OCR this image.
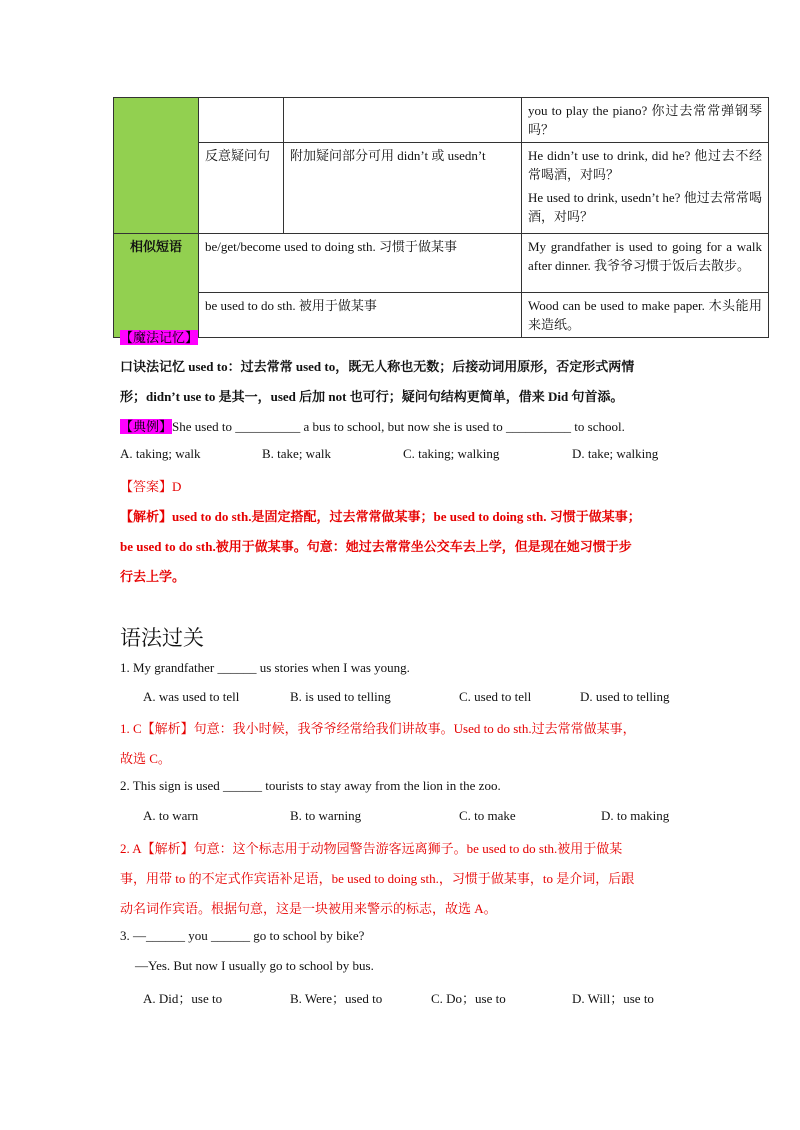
			you to play the piano? 你过去常常弹钢琴吗？
	反意疑问句	附加疑问部分可用 didn’t 或 usedn’t	He didn’t use to drink, did he? 他过去不经常喝酒，对吗？
He used to drink, usedn’t he? 他过去常常喝酒，对吗？

相似短语	be/get/become used to doing sth. 习惯于做某事		My grandfather is used to going for a walk after dinner. 我爷爷习惯于饭后去散步。
	be used to do sth. 被用于做某事		Wood can be used to make paper. 木头能用来造纸。
【魔法记忆】
口诀法记忆 used to：过去常常 used to，既无人称也无数；后接动词用原形，否定形式两情
形；didn’t use to 是其一，used 后加 not 也可行；疑问句结构更简单，借来 Did 句首添。
【典例】She used to __________ a bus to school, but now she is used to __________ to school.
A. taking; walk	B. take; walk	C. taking; walking	D. take; walking
【答案】D
【解析】used to do sth.是固定搭配，过去常常做某事；be used to doing sth. 习惯于做某事；
be used to do sth.被用于做某事。句意：她过去常常坐公交车去上学，但是现在她习惯于步
行去上学。
语法过关
1. My grandfather ______ us stories when I was young.
A. was used to tell	B. is used to telling	C. used to tell	D. used to telling
1. C【解析】句意：我小时候，我爷爷经常给我们讲故事。Used to do sth.过去常常做某事，
故选 C。
2. This sign is used ______ tourists to stay away from the lion in the zoo.
A. to warn	B. to warning	C. to make	D. to making
2. A【解析】句意：这个标志用于动物园警告游客远离狮子。be used to do sth.被用于做某
事，用带 to 的不定式作宾语补足语，be used to doing sth.，习惯于做某事，to 是介词，后跟
动名词作宾语。根据句意，这是一块被用来警示的标志，故选 A。
3. —______ you ______ go to school by bike?
—Yes. But now I usually go to school by bus.
A. Did；use to	B. Were；used to	C. Do；use to	D. Will；use to
